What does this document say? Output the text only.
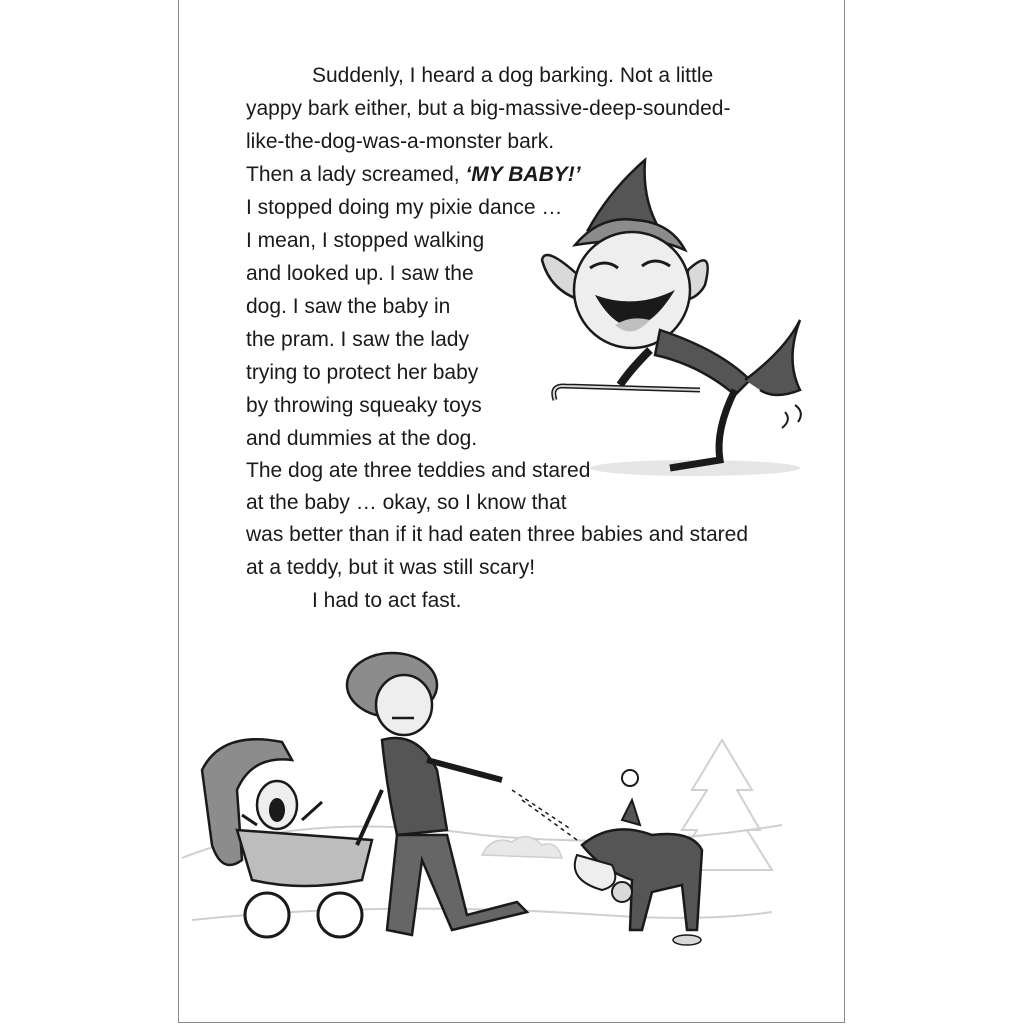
Suddenly, I heard a dog barking. Not a little
yappy bark either, but a big-massive-deep-sounded-
like-the-dog-was-a-monster bark.
Then a lady screamed, ‘MY BABY!’
I stopped doing my pixie dance …
I mean, I stopped walking
and looked up. I saw the
dog. I saw the baby in
the pram. I saw the lady
trying to protect her baby
by throwing squeaky toys
and dummies at the dog.
The dog ate three teddies and stared
at the baby … okay, so I know that
was better than if it had eaten three babies and stared
at a teddy, but it was still scary!
I had to act fast.
